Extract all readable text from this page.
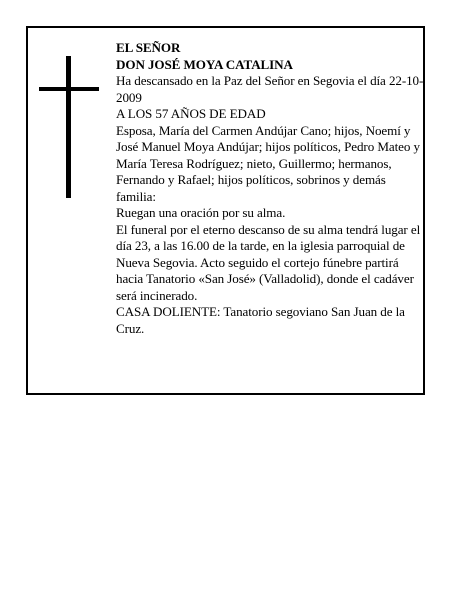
EL SEÑOR

DON JOSÉ MOYA CATALINA

Ha descansado en la Paz del Señor en Segovia el día 22-10-2009

A LOS 57 AÑOS DE EDAD

Esposa, María del Carmen Andújar Cano; hijos, Noemí y José Manuel Moya Andújar; hijos políticos, Pedro Mateo y María Teresa Rodríguez; nieto, Guillermo; hermanos, Fernando y Rafael; hijos políticos, sobrinos y demás familia:

Ruegan una oración por su alma.

El funeral por el eterno descanso de su alma tendrá lugar el día 23, a las 16.00 de la tarde, en la iglesia parroquial de Nueva Segovia. Acto seguido el cortejo fúnebre partirá hacia Tanatorio «San José» (Valladolid), donde el cadáver será incinerado.

CASA DOLIENTE: Tanatorio segoviano San Juan de la Cruz.
